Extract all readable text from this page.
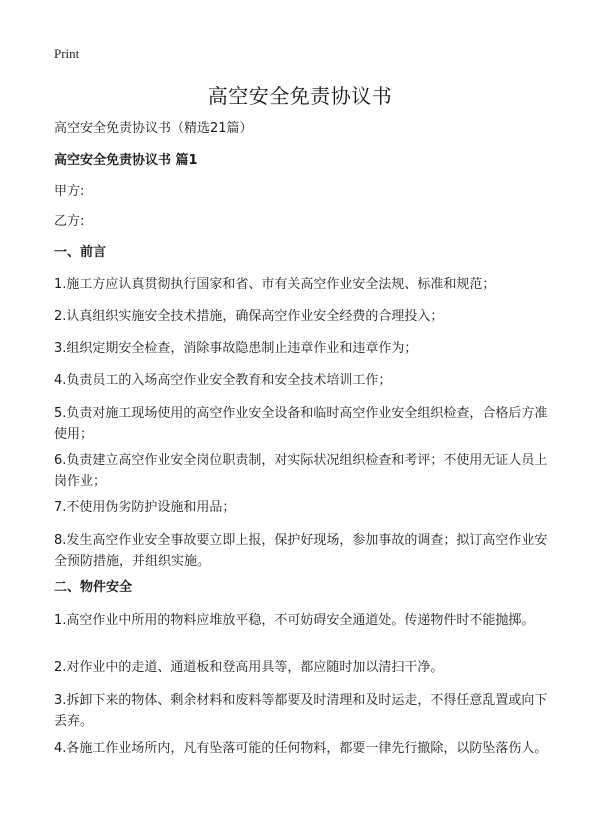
Print
高空安全免责协议书
高空安全免责协议书（精选21篇）
高空安全免责协议书 篇1
甲方:
乙方:
一、前言
1.施工方应认真贯彻执行国家和省、市有关高空作业安全法规、标准和规范；
2.认真组织实施安全技术措施，确保高空作业安全经费的合理投入；
3.组织定期安全检查，消除事故隐患制止违章作业和违章作为；
4.负责员工的入场高空作业安全教育和安全技术培训工作；
5.负责对施工现场使用的高空作业安全设备和临时高空作业安全组织检查，合格后方准使用；
6.负责建立高空作业安全岗位职责制，对实际状况组织检查和考评；不使用无证人员上岗作业；
7.不使用伪劣防护设施和用品；
8.发生高空作业安全事故要立即上报，保护好现场，参加事故的调查；拟订高空作业安全预防措施，并组织实施。
二、物件安全
1.高空作业中所用的物料应堆放平稳，不可妨碍安全通道处。传递物件时不能抛掷。
2.对作业中的走道、通道板和登高用具等，都应随时加以清扫干净。
3.拆卸下来的物体、剩余材料和废料等都要及时清理和及时运走，不得任意乱置或向下丢弃。
4.各施工作业场所内，凡有坠落可能的任何物料，都要一律先行撤除，以防坠落伤人。
